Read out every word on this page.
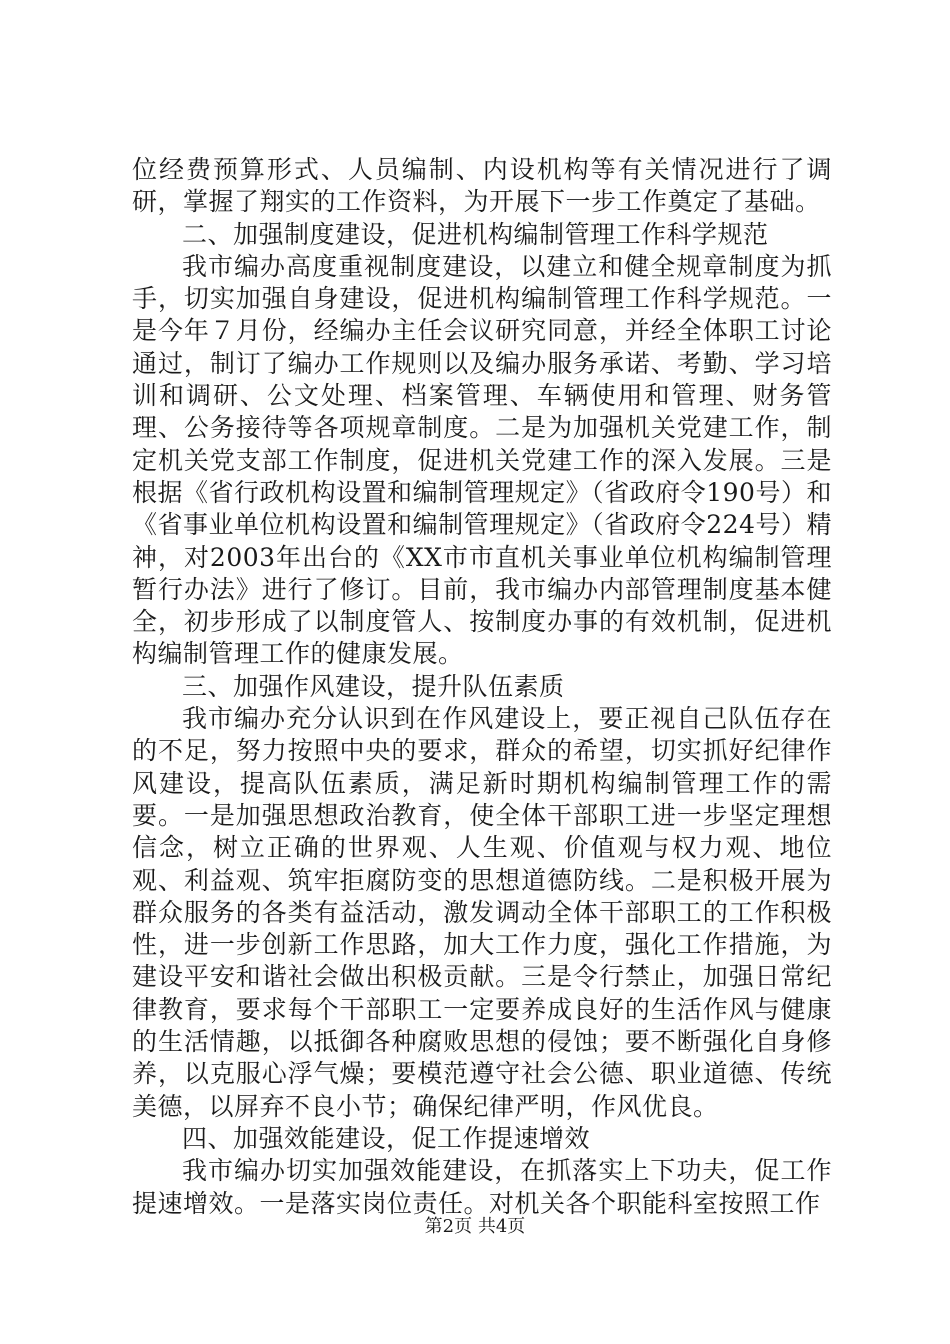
位经费预算形式、人员编制、内设机构等有关情况进行了调研，掌握了翔实的工作资料，为开展下一步工作奠定了基础。

二、加强制度建设，促进机构编制管理工作科学规范

我市编办高度重视制度建设，以建立和健全规章制度为抓手，切实加强自身建设，促进机构编制管理工作科学规范。一是今年７月份，经编办主任会议研究同意，并经全体职工讨论通过，制订了编办工作规则以及编办服务承诺、考勤、学习培训和调研、公文处理、档案管理、车辆使用和管理、财务管理、公务接待等各项规章制度。二是为加强机关党建工作，制定机关党支部工作制度，促进机关党建工作的深入发展。三是根据《省行政机构设置和编制管理规定》（省政府令190号）和《省事业单位机构设置和编制管理规定》（省政府令224号）精神，对2003年出台的《XX市市直机关事业单位机构编制管理暂行办法》进行了修订。目前，我市编办内部管理制度基本健全，初步形成了以制度管人、按制度办事的有效机制，促进机构编制管理工作的健康发展。

三、加强作风建设，提升队伍素质

我市编办充分认识到在作风建设上，要正视自己队伍存在的不足，努力按照中央的要求，群众的希望，切实抓好纪律作风建设，提高队伍素质，满足新时期机构编制管理工作的需要。一是加强思想政治教育，使全体干部职工进一步坚定理想信念，树立正确的世界观、人生观、价值观与权力观、地位观、利益观、筑牢拒腐防变的思想道德防线。二是积极开展为群众服务的各类有益活动，激发调动全体干部职工的工作积极性，进一步创新工作思路，加大工作力度，强化工作措施，为建设平安和谐社会做出积极贡献。三是令行禁止，加强日常纪律教育，要求每个干部职工一定要养成良好的生活作风与健康的生活情趣，以抵御各种腐败思想的侵蚀；要不断强化自身修养，以克服心浮气燥；要模范遵守社会公德、职业道德、传统美德，以屏弃不良小节；确保纪律严明，作风优良。

四、加强效能建设，促工作提速增效

我市编办切实加强效能建设，在抓落实上下功夫，促工作提速增效。一是落实岗位责任。对机关各个职能科室按照工作

第2页 共4页
